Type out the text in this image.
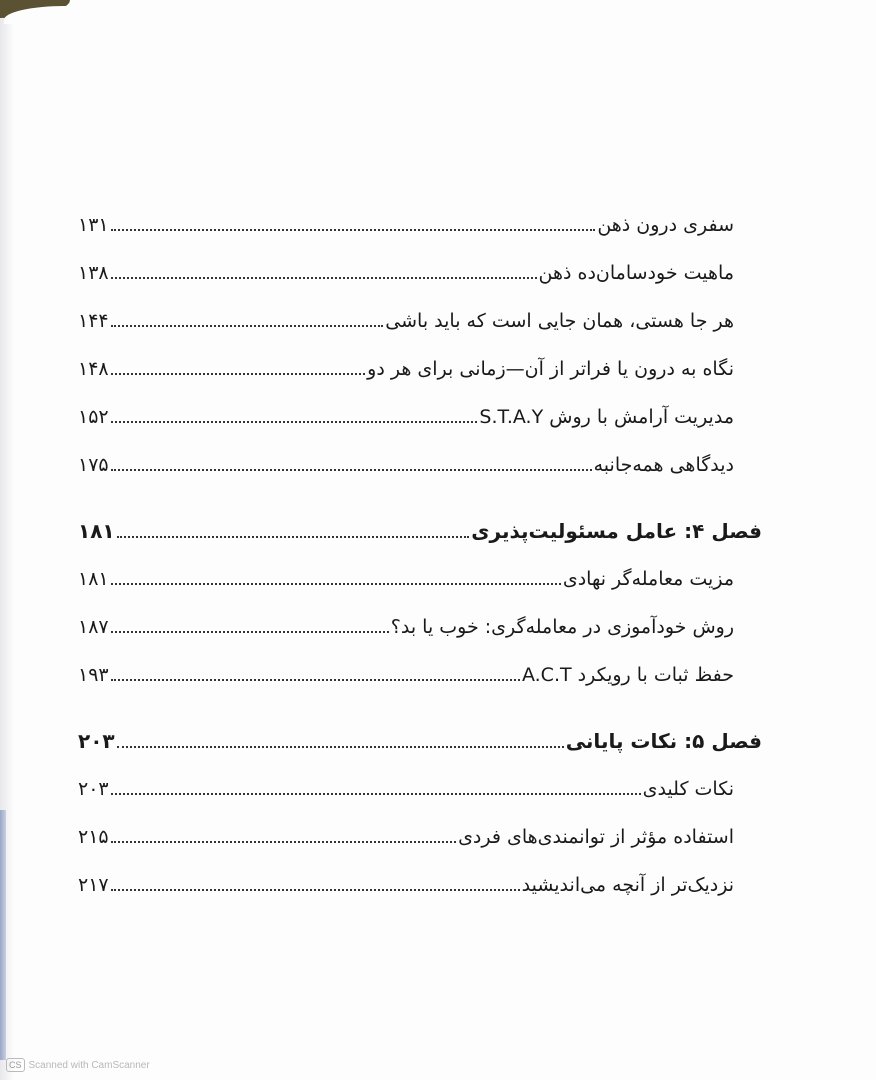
سفری درون ذهن
۱۳۱
ماهیت خودسامان‌ده ذهن
۱۳۸
هر جا هستی، همان جایی است که باید باشی
۱۴۴
نگاه به درون یا فراتر از آن—زمانی برای هر دو
۱۴۸
مدیریت آرامش با روش S.T.A.Y
۱۵۲
دیدگاهی همه‌جانبه
۱۷۵
فصل ۴: عامل مسئولیت‌پذیری
۱۸۱
مزیت معامله‌گر نهادی
۱۸۱
روش خودآموزی در معامله‌گری: خوب یا بد؟
۱۸۷
حفظ ثبات با رویکرد A.C.T
۱۹۳
فصل ۵: نکات پایانی
۲۰۳
نکات کلیدی
۲۰۳
استفاده مؤثر از توانمندی‌های فردی
۲۱۵
نزدیک‌تر از آنچه می‌اندیشید
۲۱۷
CS Scanned with CamScanner
